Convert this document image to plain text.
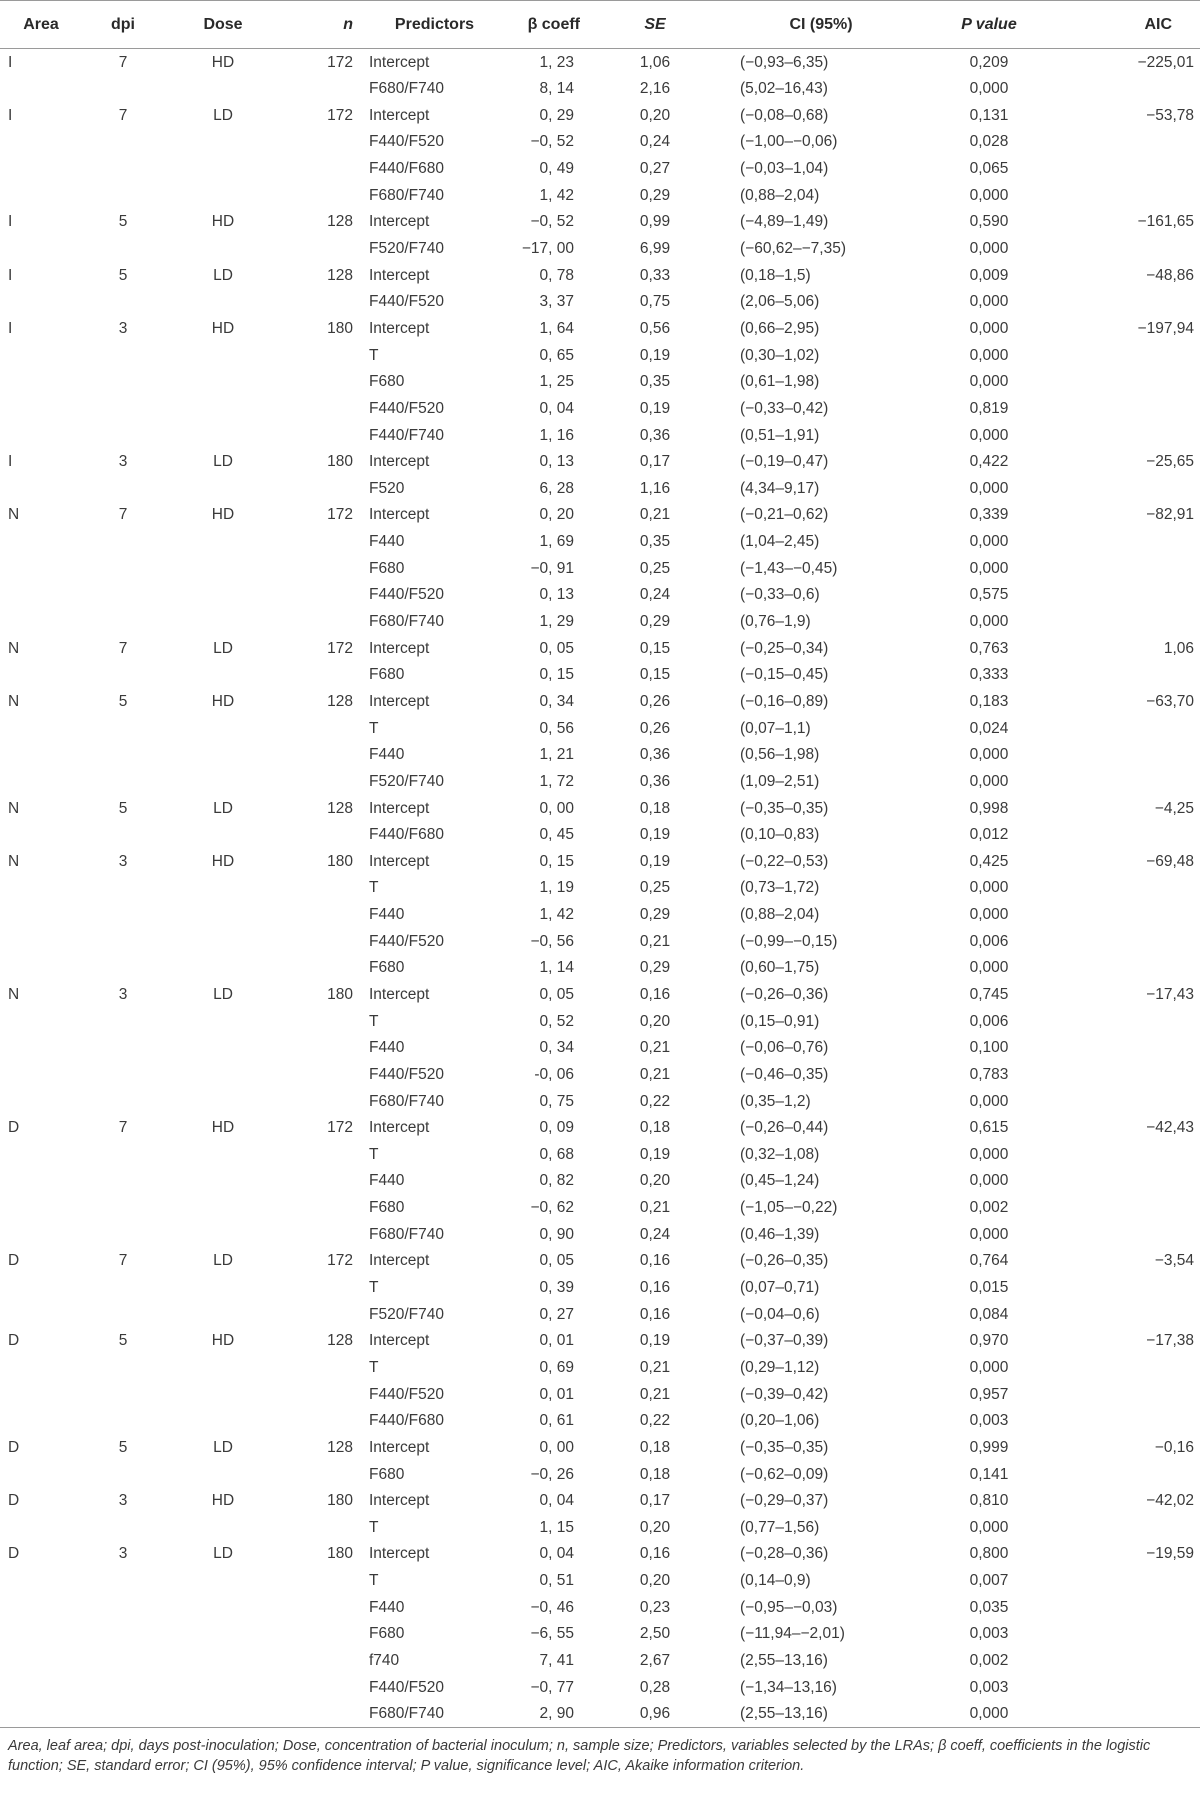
Area	dpi	Dose	n	Predictors	β coeff	SE	CI (95%)	P value	AIC
I	7	HD	172	Intercept	1, 23	1,06	(−0,93–6,35)	0,209	−225,01
				F680/F740	8, 14	2,16	(5,02–16,43)	0,000	
I	7	LD	172	Intercept	0, 29	0,20	(−0,08–0,68)	0,131	−53,78
				F440/F520	−0, 52	0,24	(−1,00–−0,06)	0,028	
				F440/F680	0, 49	0,27	(−0,03–1,04)	0,065	
				F680/F740	1, 42	0,29	(0,88–2,04)	0,000	
I	5	HD	128	Intercept	−0, 52	0,99	(−4,89–1,49)	0,590	−161,65
				F520/F740	−17, 00	6,99	(−60,62–−7,35)	0,000	
I	5	LD	128	Intercept	0, 78	0,33	(0,18–1,5)	0,009	−48,86
				F440/F520	3, 37	0,75	(2,06–5,06)	0,000	
I	3	HD	180	Intercept	1, 64	0,56	(0,66–2,95)	0,000	−197,94
				T	0, 65	0,19	(0,30–1,02)	0,000	
				F680	1, 25	0,35	(0,61–1,98)	0,000	
				F440/F520	0, 04	0,19	(−0,33–0,42)	0,819	
				F440/F740	1, 16	0,36	(0,51–1,91)	0,000	
I	3	LD	180	Intercept	0, 13	0,17	(−0,19–0,47)	0,422	−25,65
				F520	6, 28	1,16	(4,34–9,17)	0,000	
N	7	HD	172	Intercept	0, 20	0,21	(−0,21–0,62)	0,339	−82,91
				F440	1, 69	0,35	(1,04–2,45)	0,000	
				F680	−0, 91	0,25	(−1,43–−0,45)	0,000	
				F440/F520	0, 13	0,24	(−0,33–0,6)	0,575	
				F680/F740	1, 29	0,29	(0,76–1,9)	0,000	
N	7	LD	172	Intercept	0, 05	0,15	(−0,25–0,34)	0,763	1,06
				F680	0, 15	0,15	(−0,15–0,45)	0,333	
N	5	HD	128	Intercept	0, 34	0,26	(−0,16–0,89)	0,183	−63,70
				T	0, 56	0,26	(0,07–1,1)	0,024	
				F440	1, 21	0,36	(0,56–1,98)	0,000	
				F520/F740	1, 72	0,36	(1,09–2,51)	0,000	
N	5	LD	128	Intercept	0, 00	0,18	(−0,35–0,35)	0,998	−4,25
				F440/F680	0, 45	0,19	(0,10–0,83)	0,012	
N	3	HD	180	Intercept	0, 15	0,19	(−0,22–0,53)	0,425	−69,48
				T	1, 19	0,25	(0,73–1,72)	0,000	
				F440	1, 42	0,29	(0,88–2,04)	0,000	
				F440/F520	−0, 56	0,21	(−0,99–−0,15)	0,006	
				F680	1, 14	0,29	(0,60–1,75)	0,000	
N	3	LD	180	Intercept	0, 05	0,16	(−0,26–0,36)	0,745	−17,43
				T	0, 52	0,20	(0,15–0,91)	0,006	
				F440	0, 34	0,21	(−0,06–0,76)	0,100	
				F440/F520	-0, 06	0,21	(−0,46–0,35)	0,783	
				F680/F740	0, 75	0,22	(0,35–1,2)	0,000	
D	7	HD	172	Intercept	0, 09	0,18	(−0,26–0,44)	0,615	−42,43
				T	0, 68	0,19	(0,32–1,08)	0,000	
				F440	0, 82	0,20	(0,45–1,24)	0,000	
				F680	−0, 62	0,21	(−1,05–−0,22)	0,002	
				F680/F740	0, 90	0,24	(0,46–1,39)	0,000	
D	7	LD	172	Intercept	0, 05	0,16	(−0,26–0,35)	0,764	−3,54
				T	0, 39	0,16	(0,07–0,71)	0,015	
				F520/F740	0, 27	0,16	(−0,04–0,6)	0,084	
D	5	HD	128	Intercept	0, 01	0,19	(−0,37–0,39)	0,970	−17,38
				T	0, 69	0,21	(0,29–1,12)	0,000	
				F440/F520	0, 01	0,21	(−0,39–0,42)	0,957	
				F440/F680	0, 61	0,22	(0,20–1,06)	0,003	
D	5	LD	128	Intercept	0, 00	0,18	(−0,35–0,35)	0,999	−0,16
				F680	−0, 26	0,18	(−0,62–0,09)	0,141	
D	3	HD	180	Intercept	0, 04	0,17	(−0,29–0,37)	0,810	−42,02
				T	1, 15	0,20	(0,77–1,56)	0,000	
D	3	LD	180	Intercept	0, 04	0,16	(−0,28–0,36)	0,800	−19,59
				T	0, 51	0,20	(0,14–0,9)	0,007	
				F440	−0, 46	0,23	(−0,95–−0,03)	0,035	
				F680	−6, 55	2,50	(−11,94–−2,01)	0,003	
				f740	7, 41	2,67	(2,55–13,16)	0,002	
				F440/F520	−0, 77	0,28	(−1,34–13,16)	0,003	
				F680/F740	2, 90	0,96	(2,55–13,16)	0,000	
Area, leaf area; dpi, days post-inoculation; Dose, concentration of bacterial inoculum; n, sample size; Predictors, variables selected by the LRAs; β coeff, coefficients in the logistic function; SE, standard error; CI (95%), 95% confidence interval; P value, significance level; AIC, Akaike information criterion.
